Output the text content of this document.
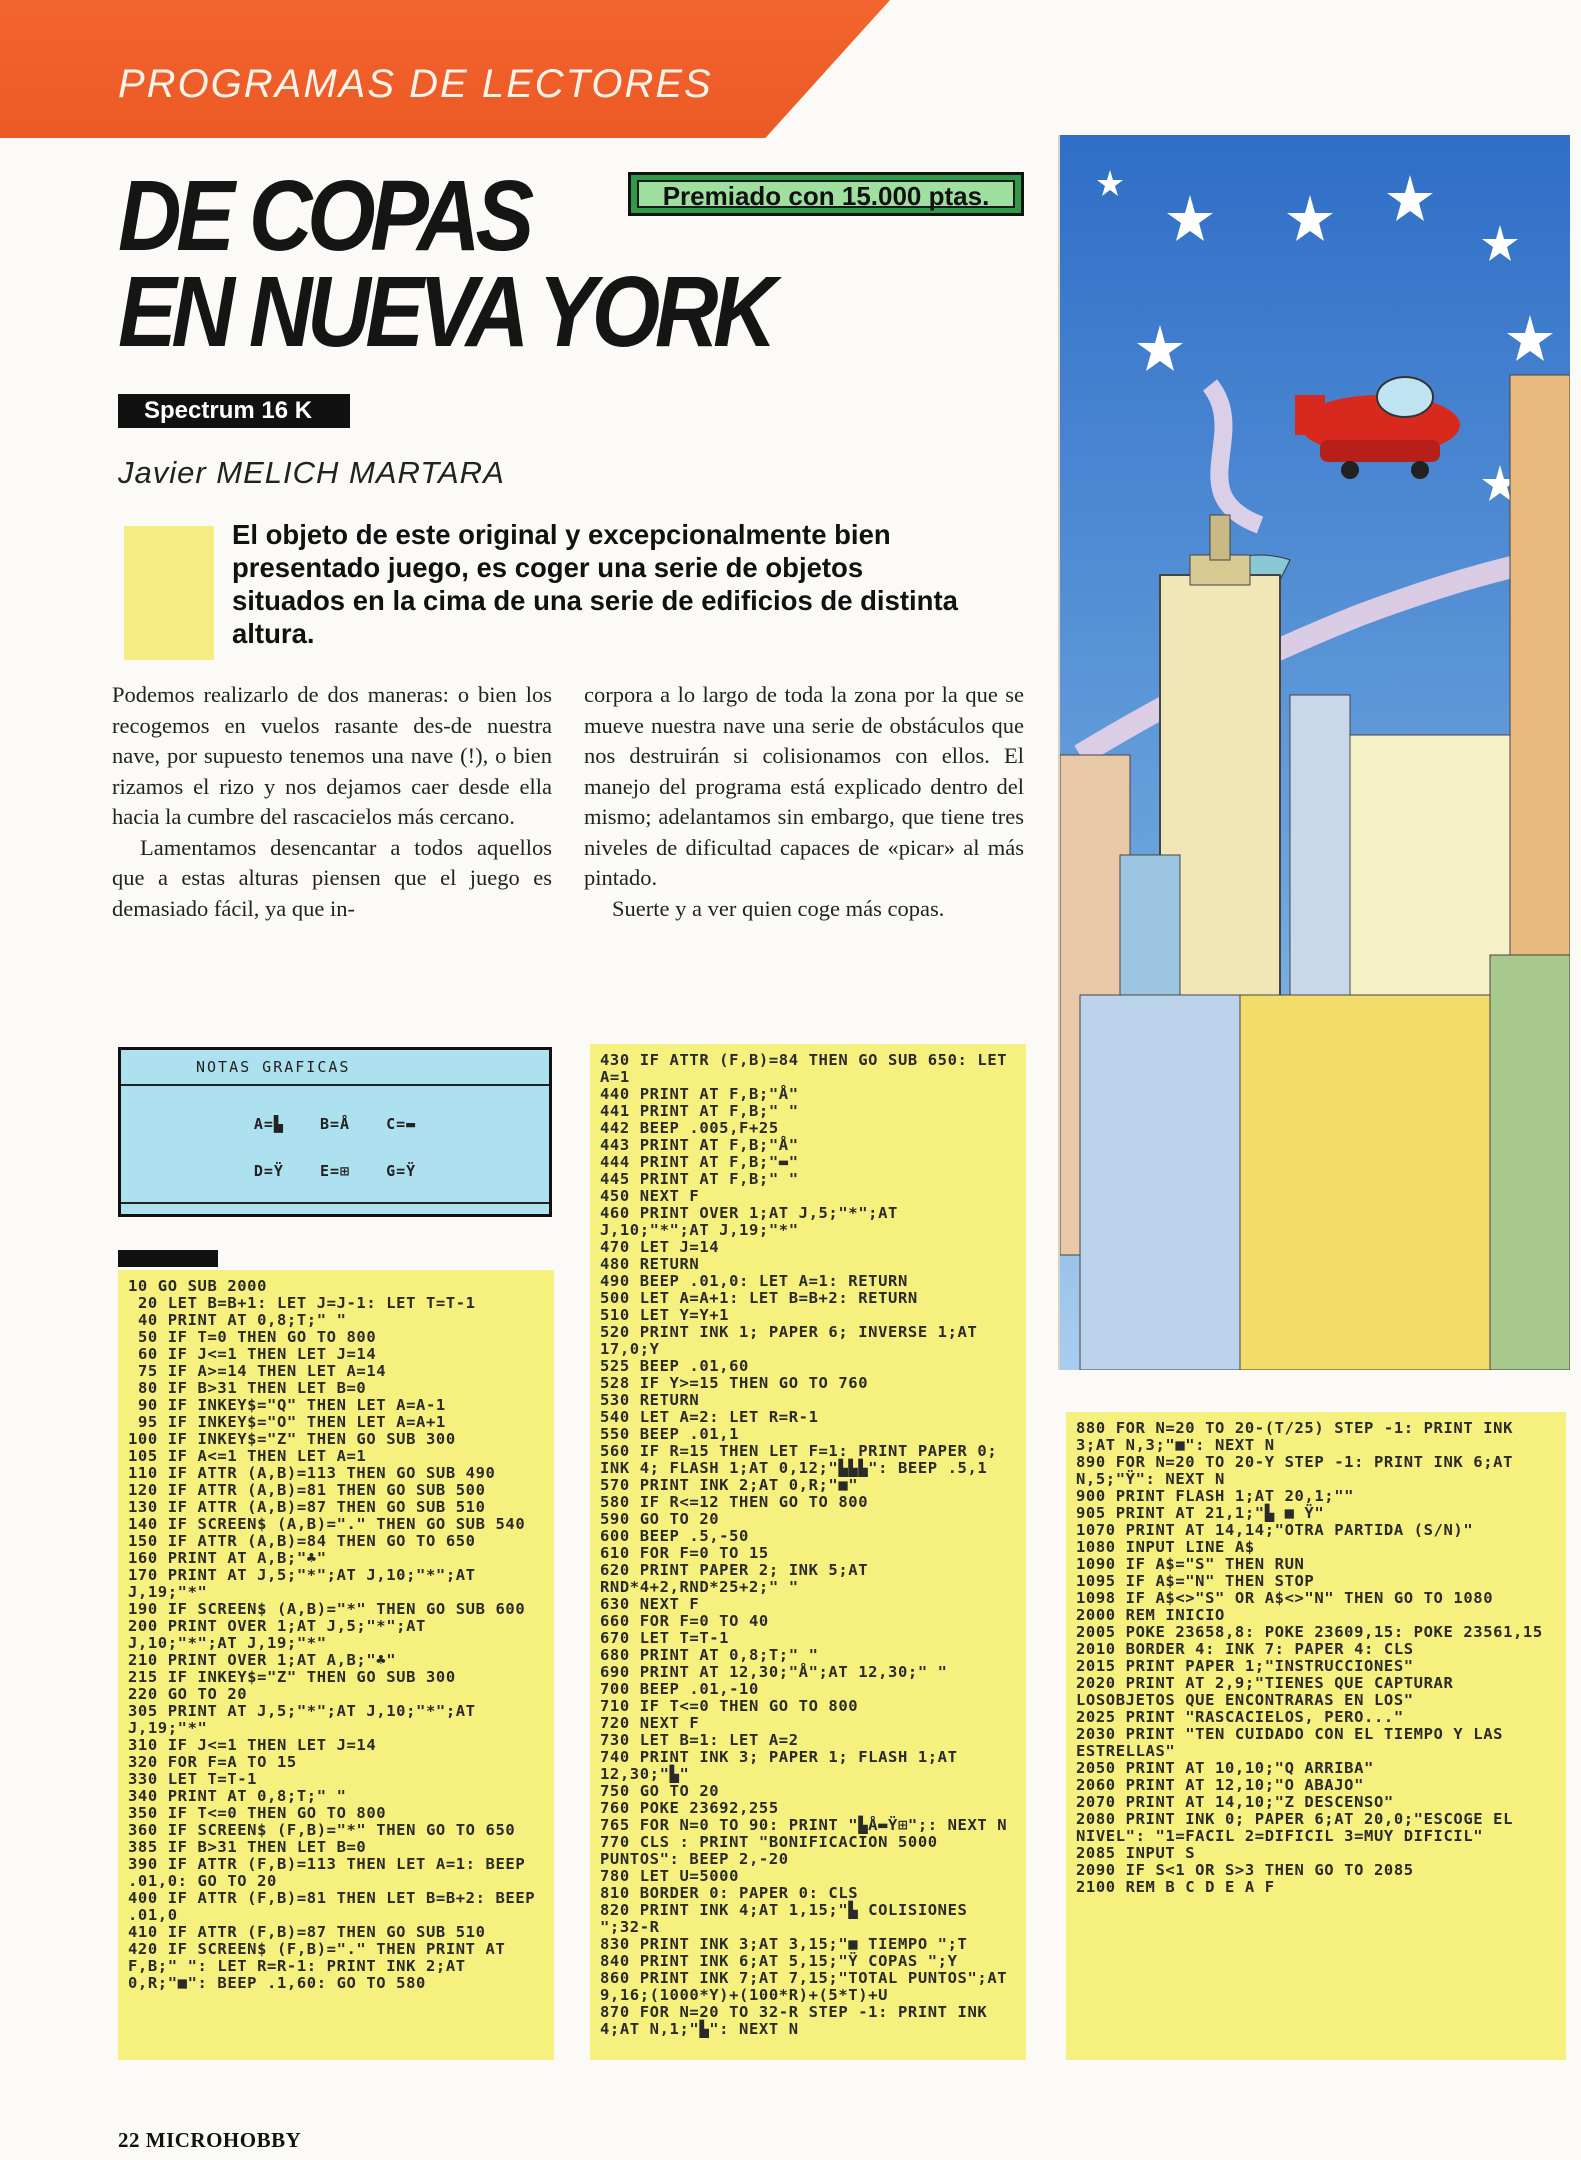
PROGRAMAS DE LECTORES
DE COPAS
EN NUEVA YORK
Premiado con 15.000 ptas.
Spectrum 16 K
Javier MELICH MARTARA

El objeto de este original y excepcionalmente bien presentado juego, es coger una serie de objetos situados en la cima de una serie de edificios de distinta altura.

Podemos realizarlo de dos maneras: o bien los recogemos en vuelos rasante des-de nuestra nave, por supuesto tenemos una nave (!), o bien rizamos el rizo y nos dejamos caer desde ella hacia la cumbre del rascacielos más cercano.

Lamentamos desencantar a todos aquellos que a estas alturas piensen que el juego es demasiado fácil, ya que in-

corpora a lo largo de toda la zona por la que se mueve nuestra nave una serie de obstáculos que nos destruirán si colisionamos con ellos. El manejo del programa está explicado dentro del mismo; adelantamos sin embargo, que tiene tres niveles de dificultad capaces de «picar» al más pintado.

Suerte y a ver quien coge más copas.

NOTAS GRAFICAS
A=▙ B=Å C=▬
D=Ÿ E=⊞ G=Ÿ
10 GO SUB 2000
20 LET B=B+1: LET J=J-1: LET T=T-1
40 PRINT AT 0,8;T;" "
50 IF T=0 THEN GO TO 800
60 IF J<=1 THEN LET J=14
75 IF A>=14 THEN LET A=14
80 IF B>31 THEN LET B=0
90 IF INKEY$="Q" THEN LET A=A-1
95 IF INKEY$="O" THEN LET A=A+1
100 IF INKEY$="Z" THEN GO SUB 300
105 IF A<=1 THEN LET A=1
110 IF ATTR (A,B)=113 THEN GO SUB 490
120 IF ATTR (A,B)=81 THEN GO SUB 500
130 IF ATTR (A,B)=87 THEN GO SUB 510
140 IF SCREEN$ (A,B)="." THEN GO SUB 540
150 IF ATTR (A,B)=84 THEN GO TO 650
160 PRINT AT A,B;"♣"
170 PRINT AT J,5;"*";AT J,10;"*";AT J,19;"*"
190 IF SCREEN$ (A,B)="*" THEN GO SUB 600
200 PRINT OVER 1;AT J,5;"*";AT J,10;"*";AT J,19;"*"
210 PRINT OVER 1;AT A,B;"♣"
215 IF INKEY$="Z" THEN GO SUB 300
220 GO TO 20
305 PRINT AT J,5;"*";AT J,10;"*";AT J,19;"*"
310 IF J<=1 THEN LET J=14
320 FOR F=A TO 15
330 LET T=T-1
340 PRINT AT 0,8;T;" "
350 IF T<=0 THEN GO TO 800
360 IF SCREEN$ (F,B)="*" THEN GO TO 650
385 IF B>31 THEN LET B=0
390 IF ATTR (F,B)=113 THEN LET A=1: BEEP .01,0: GO TO 20
400 IF ATTR (F,B)=81 THEN LET B=B+2: BEEP .01,0
410 IF ATTR (F,B)=87 THEN GO SUB 510
420 IF SCREEN$ (F,B)="." THEN PRINT AT F,B;" ": LET R=R-1: PRINT INK 2;AT 0,R;"■": BEEP .1,60: GO TO 580
430 IF ATTR (F,B)=84 THEN GO SUB 650: LET A=1
440 PRINT AT F,B;"Å"
441 PRINT AT F,B;" "
442 BEEP .005,F+25
443 PRINT AT F,B;"Å"
444 PRINT AT F,B;"▬"
445 PRINT AT F,B;" "
450 NEXT F
460 PRINT OVER 1;AT J,5;"*";AT J,10;"*";AT J,19;"*"
470 LET J=14
480 RETURN
490 BEEP .01,0: LET A=1: RETURN
500 LET A=A+1: LET B=B+2: RETURN
510 LET Y=Y+1
520 PRINT INK 1; PAPER 6; INVERSE 1;AT 17,0;Y
525 BEEP .01,60
528 IF Y>=15 THEN GO TO 760
530 RETURN
540 LET A=2: LET R=R-1
550 BEEP .01,1
560 IF R=15 THEN LET F=1: PRINT PAPER 0; INK 4; FLASH 1;AT 0,12;"▙▙▙": BEEP .5,1
570 PRINT INK 2;AT 0,R;"■"
580 IF R<=12 THEN GO TO 800
590 GO TO 20
600 BEEP .5,-50
610 FOR F=0 TO 15
620 PRINT PAPER 2; INK 5;AT RND*4+2,RND*25+2;" "
630 NEXT F
660 FOR F=0 TO 40
670 LET T=T-1
680 PRINT AT 0,8;T;" "
690 PRINT AT 12,30;"Å";AT 12,30;" "
700 BEEP .01,-10
710 IF T<=0 THEN GO TO 800
720 NEXT F
730 LET B=1: LET A=2
740 PRINT INK 3; PAPER 1; FLASH 1;AT 12,30;"▙"
750 GO TO 20
760 POKE 23692,255
765 FOR N=0 TO 90: PRINT "▙Å▬Ÿ⊞";: NEXT N
770 CLS : PRINT "BONIFICACION 5000 PUNTOS": BEEP 2,-20
780 LET U=5000
810 BORDER 0: PAPER 0: CLS
820 PRINT INK 4;AT 1,15;"▙ COLISIONES ";32-R
830 PRINT INK 3;AT 3,15;"■ TIEMPO ";T
840 PRINT INK 6;AT 5,15;"Ÿ COPAS ";Y
860 PRINT INK 7;AT 7,15;"TOTAL PUNTOS";AT 9,16;(1000*Y)+(100*R)+(5*T)+U
870 FOR N=20 TO 32-R STEP -1: PRINT INK 4;AT N,1;"▙": NEXT N
880 FOR N=20 TO 20-(T/25) STEP -1: PRINT INK 3;AT N,3;"■": NEXT N
890 FOR N=20 TO 20-Y STEP -1: PRINT INK 6;AT N,5;"Ÿ": NEXT N
900 PRINT FLASH 1;AT 20,1;""
905 PRINT AT 21,1;"▙ ■ Ÿ"
1070 PRINT AT 14,14;"OTRA PARTIDA (S/N)"
1080 INPUT LINE A$
1090 IF A$="S" THEN RUN
1095 IF A$="N" THEN STOP
1098 IF A$<>"S" OR A$<>"N" THEN GO TO 1080
2000 REM INICIO
2005 POKE 23658,8: POKE 23609,15: POKE 23561,15
2010 BORDER 4: INK 7: PAPER 4: CLS
2015 PRINT PAPER 1;"INSTRUCCIONES"
2020 PRINT AT 2,9;"TIENES QUE CAPTURAR LOSOBJETOS QUE ENCONTRARAS EN LOS"
2025 PRINT "RASCACIELOS, PERO..."
2030 PRINT "TEN CUIDADO CON EL TIEMPO Y LAS ESTRELLAS"
2050 PRINT AT 10,10;"Q ARRIBA"
2060 PRINT AT 12,10;"O ABAJO"
2070 PRINT AT 14,10;"Z DESCENSO"
2080 PRINT INK 0; PAPER 6;AT 20,0;"ESCOGE EL NIVEL": "1=FACIL 2=DIFICIL 3=MUY DIFICIL"
2085 INPUT S
2090 IF S<1 OR S>3 THEN GO TO 2085
2100 REM B C D E A F
22 MICROHOBBY
